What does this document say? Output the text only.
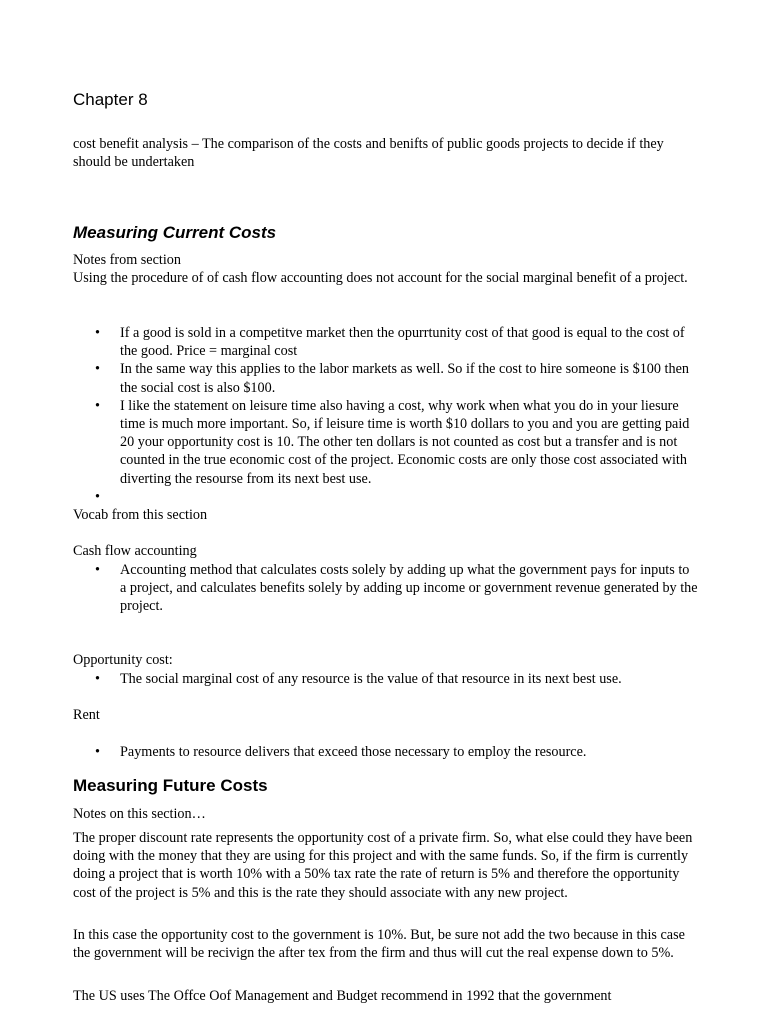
Chapter 8

cost benefit analysis – The comparison of the costs and benifts of public goods projects to decide if they should be undertaken

Measuring Current Costs

Notes from section

Using the procedure of of cash flow accounting does not account for the social marginal benefit of a project.

• If a good is sold in a competitve market then the opurrtunity cost of that good is equal to the cost of the good. Price = marginal cost
• In the same way this applies to the labor markets as well. So if the cost to hire someone is $100 then the social cost is also $100.
• I like the statement on leisure time also having a cost, why work when what you do in your liesure time is much more important. So, if leisure time is worth $10 dollars to you and you are getting paid 20 your opportunity cost is 10. The other ten dollars is not counted as cost but a transfer and is not counted in the true economic cost of the project. Economic costs are only those cost associated with diverting the resourse from its next best use.
•

Vocab from this section

Cash flow accounting

• Accounting method that calculates costs solely by adding up what the government pays for inputs to a project, and calculates benefits solely by adding up income or government revenue generated by the project.

Opportunity cost:

• The social marginal cost of any resource is the value of that resource in its next best use.

Rent

• Payments to resource delivers that exceed those necessary to employ the resource.
Measuring Future Costs

Notes on this section…

The proper discount rate represents the opportunity cost of a private firm. So, what else could they have been doing with the money that they are using for this project and with the same funds. So, if the firm is currently doing a project that is worth 10% with a 50% tax rate the rate of return is 5% and therefore the opportunity cost of the project is 5% and this is the rate they should associate with any new project.

In this case the opportunity cost to the government is 10%. But, be sure not add the two because in this case the government will be recivign the after tex from the firm and thus will cut the real expense down to 5%.

The US uses The Offce Oof Management and Budget recommend in 1992 that the government
